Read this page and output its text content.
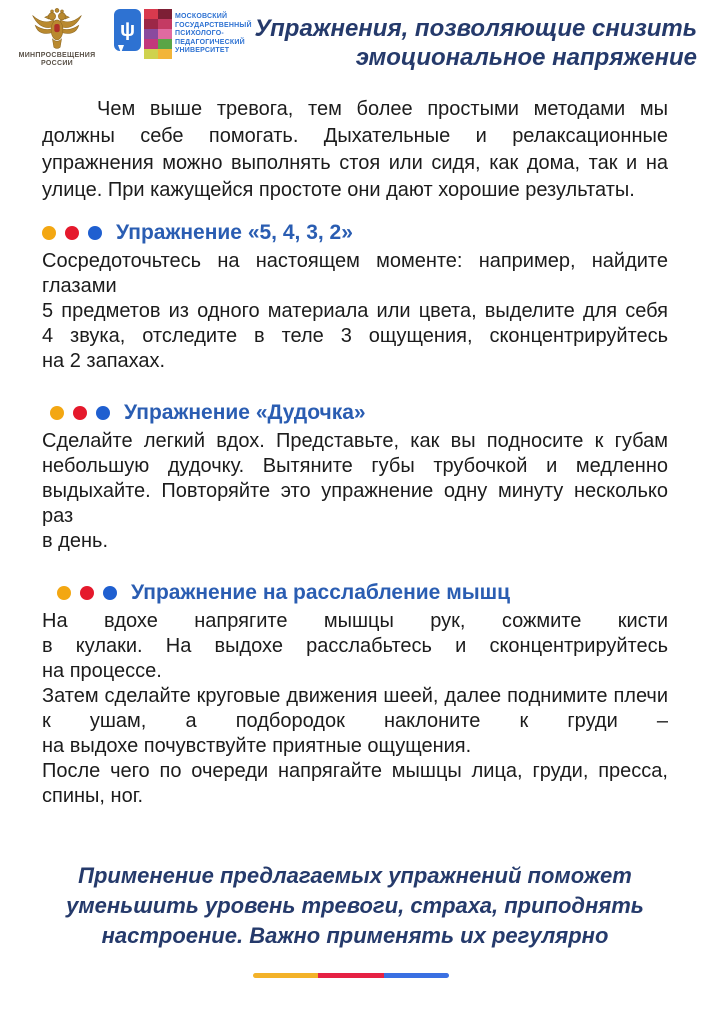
МИНПРОСВЕЩЕНИЯ
РОССИИ
ψ
МОСКОВСКИЙ
ГОСУДАРСТВЕННЫЙ
ПСИХОЛОГО-
ПЕДАГОГИЧЕСКИЙ
УНИВЕРСИТЕТ
Упражнения, позволяющие снизить
эмоциональное напряжение

Чем выше тревога, тем более простыми методами мы должны себе помогать. Дыхательные и релаксационные упражнения можно выполнять стоя или сидя, как дома, так и на улице. При кажущейся простоте они дают хорошие результаты.

Упражнение «5, 4, 3, 2»
Сосредоточьтесь на настоящем моменте: например, найдите глазами
5 предметов из одного материала или цвета, выделите для себя
4 звука, отследите в теле 3 ощущения, сконцентрируйтесь
на 2 запахах.
Упражнение «Дудочка»
Сделайте легкий вдох. Представьте, как вы подносите к губам
небольшую дудочку. Вытяните губы трубочкой и медленно
выдыхайте. Повторяйте это упражнение одну минуту несколько раз
в день.
Упражнение на расслабление мышц
На вдохе напрягите мышцы рук, сожмите кисти
в кулаки. На выдохе расслабьтесь и сконцентрируйтесь
на процессе.
Затем сделайте круговые движения шеей, далее поднимите плечи
к ушам, а подбородок наклоните к груди –
на выдохе почувствуйте приятные ощущения.
После чего по очереди напрягайте мышцы лица, груди, пресса,
спины, ног.
Применение предлагаемых упражнений поможет
уменьшить уровень тревоги, страха, приподнять
настроение. Важно применять их регулярно
